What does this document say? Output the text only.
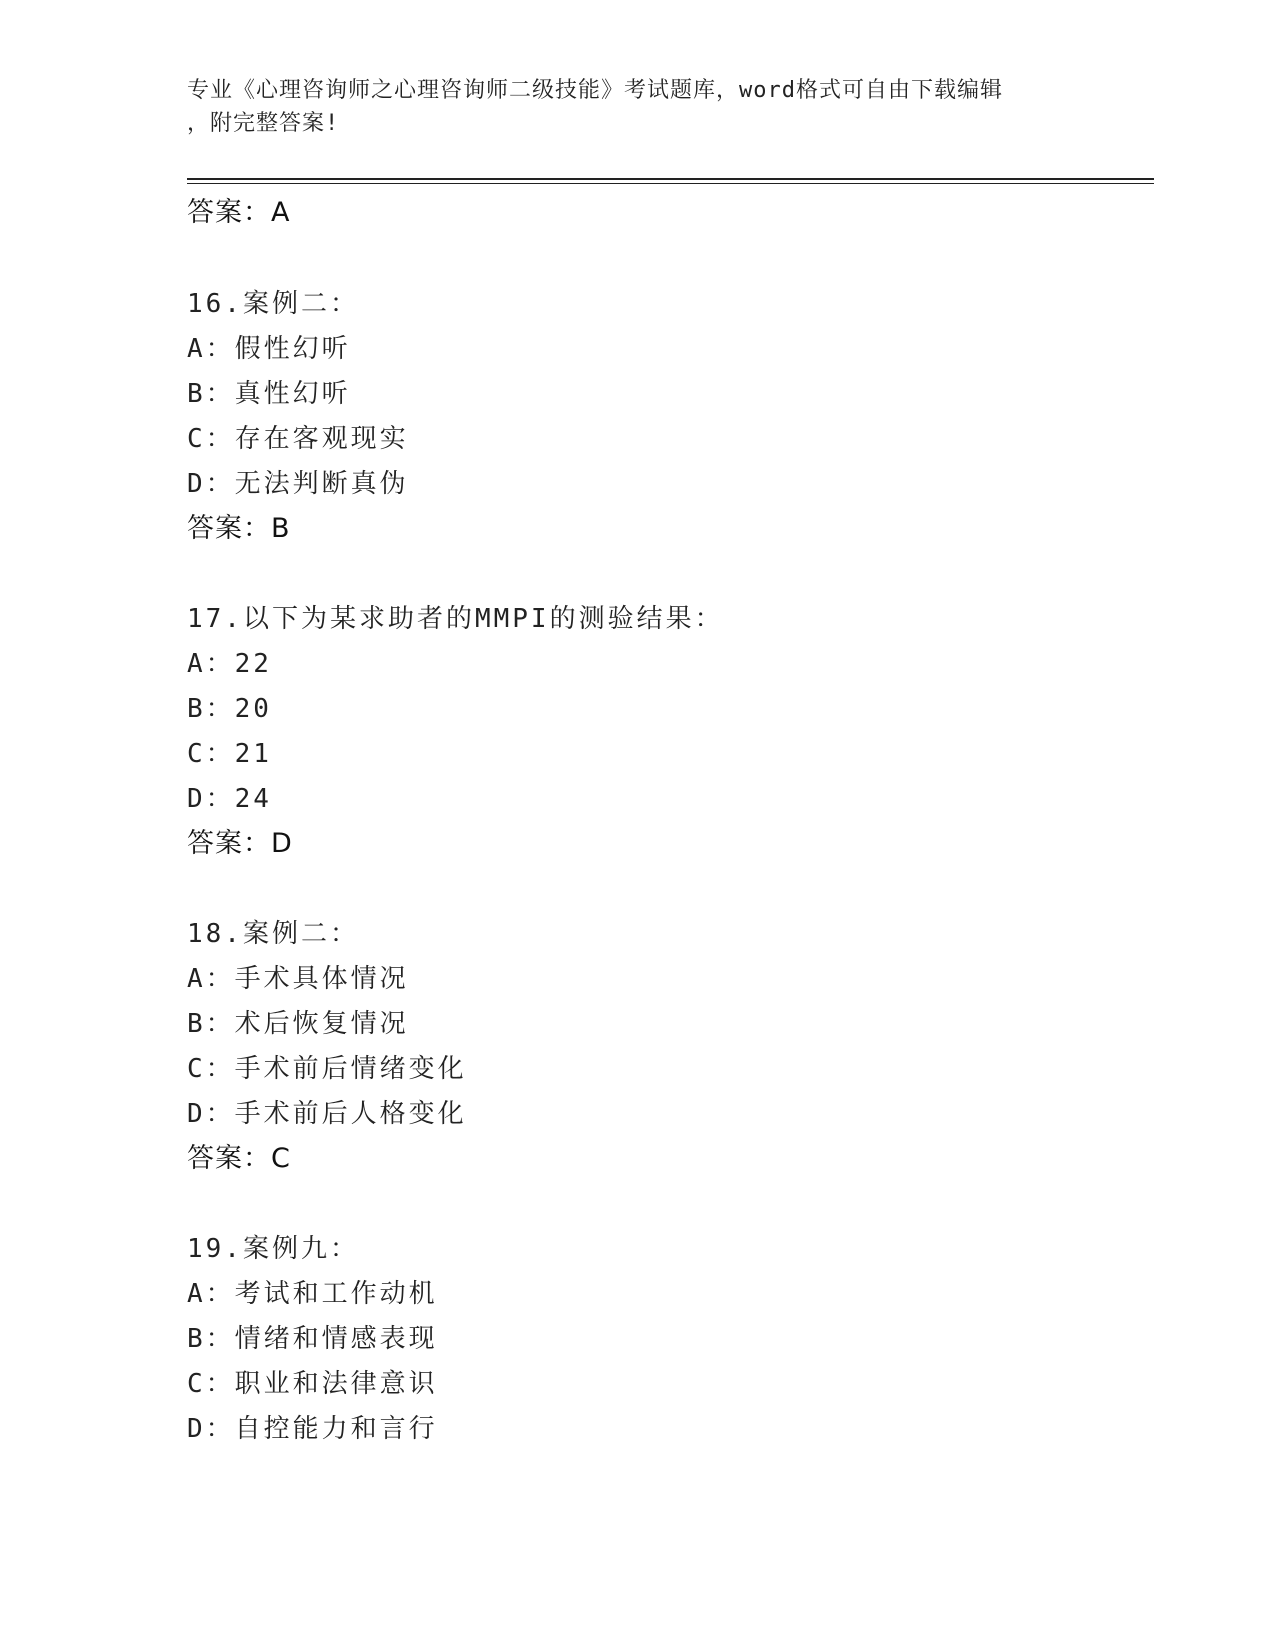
专业《心理咨询师之心理咨询师二级技能》考试题库，word格式可自由下载编辑
，附完整答案!
答案：A
16.案例二：
A：假性幻听
B：真性幻听
C：存在客观现实
D：无法判断真伪
答案：B
17.以下为某求助者的MMPI的测验结果：
A：22
B：20
C：21
D：24
答案：D
18.案例二：
A：手术具体情况
B：术后恢复情况
C：手术前后情绪变化
D：手术前后人格变化
答案：C
19.案例九：
A：考试和工作动机
B：情绪和情感表现
C：职业和法律意识
D：自控能力和言行
